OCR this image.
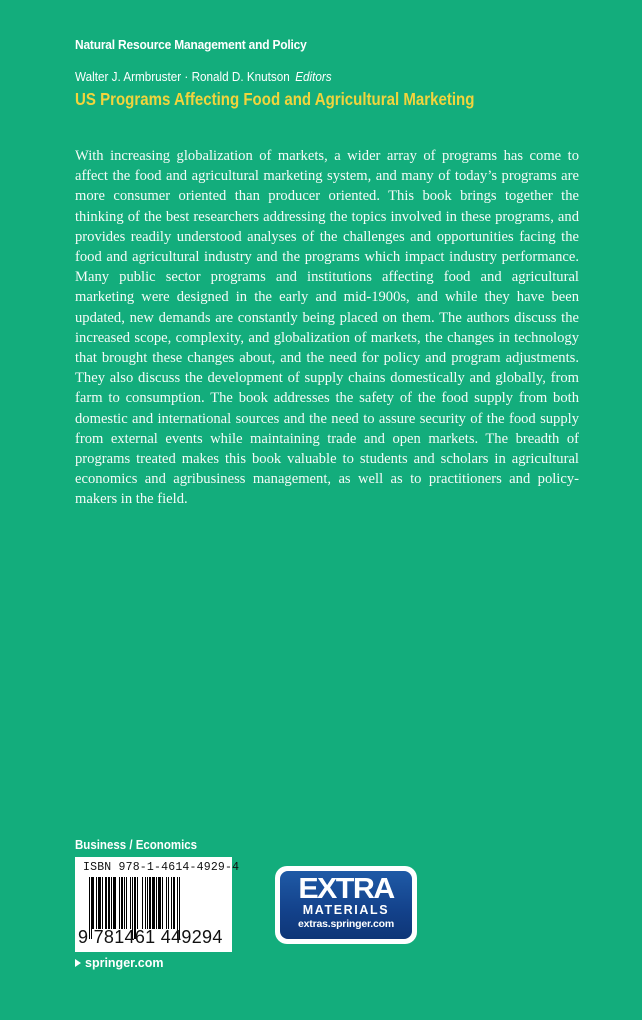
Natural Resource Management and Policy
Walter J. Armbruster · Ronald D. Knutson Editors
US Programs Affecting Food and Agricultural Marketing

With increasing globalization of markets, a wider array of programs has come to affect the food and agricultural marketing system, and many of today’s programs are more consumer oriented than producer oriented. This book brings together the thinking of the best researchers addressing the topics involved in these programs, and provides readily understood analyses of the challenges and opportunities facing the food and agricultural industry and the programs which impact industry performance. Many public sector programs and institutions affecting food and agricultural marketing were designed in the early and mid-1900s, and while they have been updated, new demands are constantly being placed on them. The authors discuss the increased scope, complexity, and globalization of markets, the changes in technology that brought these changes about, and the need for policy and program adjustments. They also discuss the development of supply chains domestically and globally, from farm to consumption. The book addresses the safety of the food supply from both domestic and international sources and the need to assure security of the food supply from external events while maintaining trade and open markets. The breadth of programs treated makes this book valuable to students and scholars in agricultural economics and agribusiness management, as well as to practitioners and policy-makers in the field.

Business / Economics
ISBN 978-1-4614-4929-4
9 781461 449294
springer.com
EXTRA
MATERIALS
extras.springer.com
